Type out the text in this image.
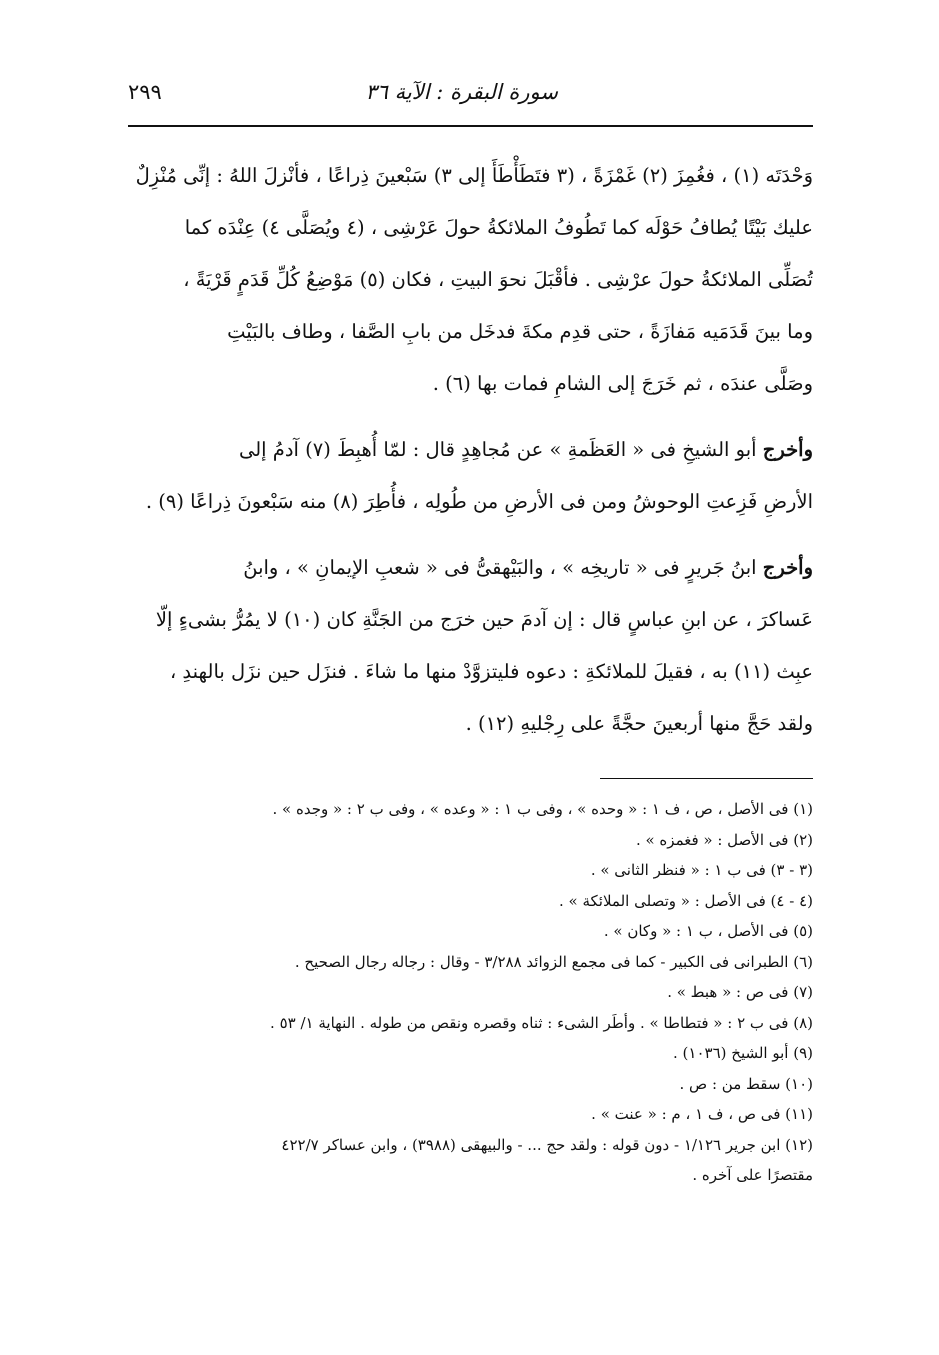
سورة البقرة : الآية ٣٦
٢٩٩
وَحْدَتَه (١) ، فغُمِزَ (٢) غَمْزَةً ، (٣ فتَطَأْطَأَ إلى ٣) سَبْعينَ ذِراعًا ، فأنْزلَ اللهُ : إنِّى مُنْزِلٌ
عليك بَيْتًا يُطافُ حَوْلَه كما تَطُوفُ الملائكةُ حولَ عَرْشِى ، (٤ ويُصَلَّى ٤) عِنْدَه كما
تُصَلِّى الملائكةُ حولَ عرْشِى . فأقْبَلَ نحوَ البيتِ ، فكان (٥) مَوْضِعُ كُلِّ قَدَمٍ قَرْيَةً ،
وما بينَ قَدَمَيه مَفازَةً ، حتى قدِم مكةَ فدخَل من بابِ الصَّفا ، وطاف بالبَيْتِ
وصَلَّى عندَه ، ثم خَرَجَ إلى الشامِ فمات بها (٦) .
وأخرج أبو الشيخِ فى « العَظَمةِ » عن مُجاهِدٍ قال : لمّا أُهبِطَ (٧) آدمُ إلى
الأرضِ فَزِعتِ الوحوشُ ومن فى الأرضِ من طُولِه ، فأُطِرَ (٨) منه سَبْعونَ ذِراعًا (٩) .
وأخرج ابنُ جَريرٍ فى « تاريخِه » ، والبَيْهقىُّ فى « شعبِ الإيمانِ » ، وابنُ
عَساكرَ ، عن ابنِ عباسٍ قال : إن آدمَ حين خرَج من الجَنَّةِ كان (١٠) لا يمُرُّ بشىءٍ إلّا
عبِث (١١) به ، فقيلَ للملائكةِ : دعوه فليتزوَّدْ منها ما شاءَ . فنزَل حين نزَل بالهندِ ،
ولقد حَجَّ منها أربعينَ حجَّةً على رِجْليهِ (١٢) .
(١) فى الأصل ، ص ، ف ١ : « وحده » ، وفى ب ١ : « وعده » ، وفى ب ٢ : « وجده » .
(٢) فى الأصل : « فغمزه » .
(٣ - ٣) فى ب ١ : « فنظر الثانى » .
(٤ - ٤) فى الأصل : « وتصلى الملائكة » .
(٥) فى الأصل ، ب ١ : « وكان » .
(٦) الطبرانى فى الكبير - كما فى مجمع الزوائد ٣/٢٨٨ - وقال : رجاله رجال الصحيح .
(٧) فى ص : « هبط » .
(٨) فى ب ٢ : « فتطاطا » . وأطَر الشىء : ثناه وقصره ونقص من طوله . النهاية ١/ ٥٣ .
(٩) أبو الشيخ (١٠٣٦) .
(١٠) سقط من : ص .
(١١) فى ص ، ف ١ ، م : « عنت » .
(١٢) ابن جرير ١/١٢٦ - دون قوله : ولقد حج ... - والبيهقى (٣٩٨٨) ، وابن عساكر ٤٢٢/٧
مقتصرًا على آخره .
